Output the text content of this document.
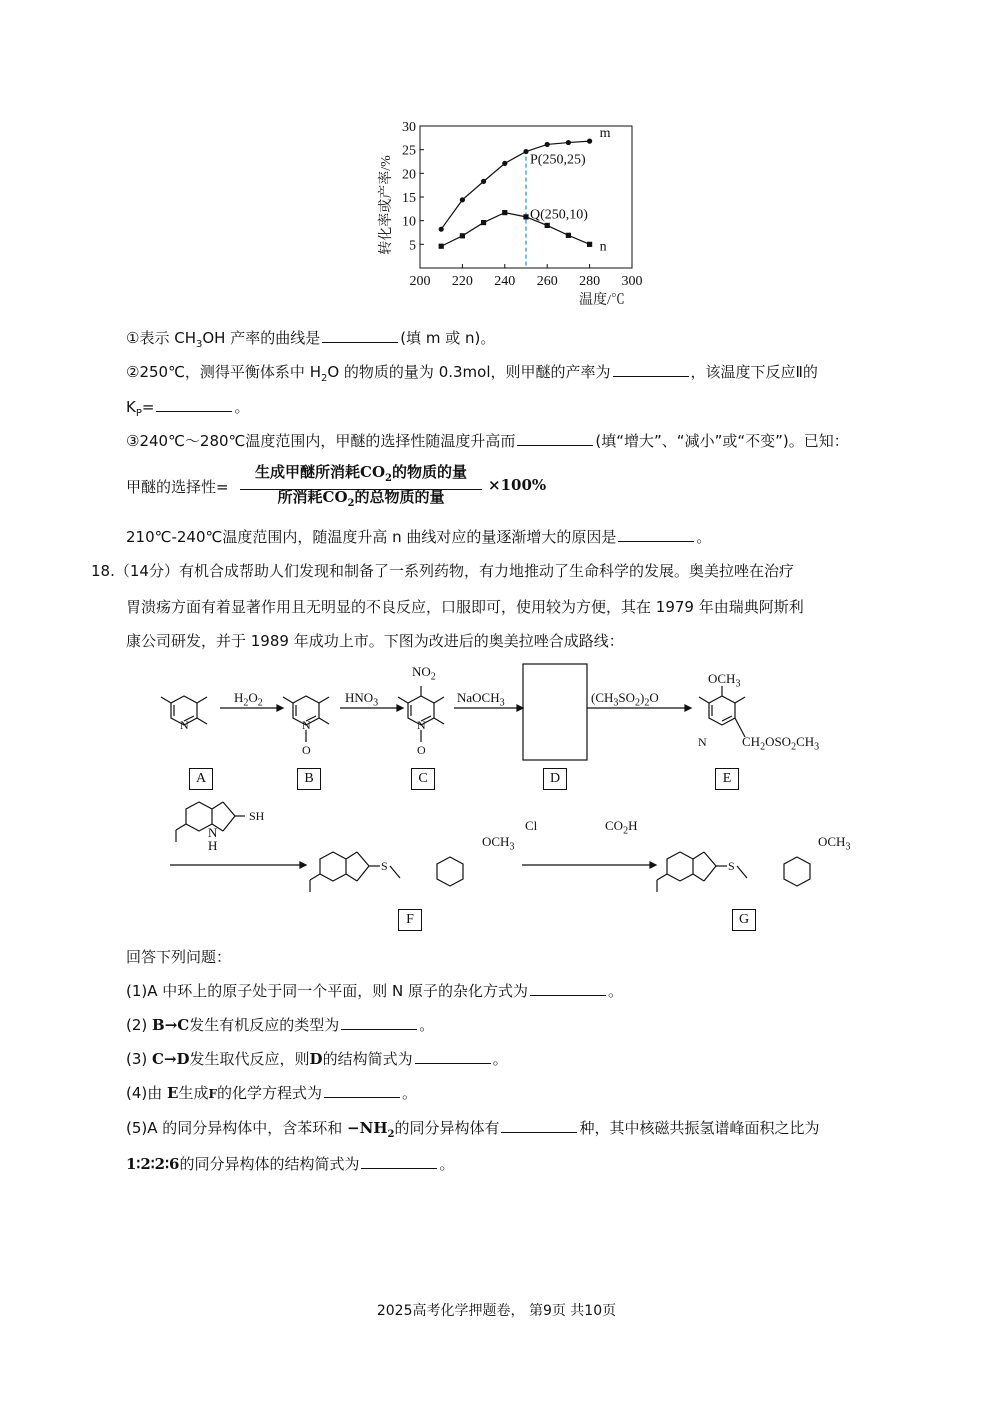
200 220 240 260 280 300
5
10
15
20
25
30
温度/℃
转化率或产率/%
m
n
P(250,25)
Q(250,10)
①表示 $CH_3OH$ 产率的曲线是	(填 m 或 n)。
②250℃，测得平衡体系中 $H_2O$ 的物质的量为 0.3mol，则甲醚的产率为	，该温度下反应Ⅱ的
$K_P=$	。
③240℃～280℃温度范围内，甲醚的选择性随温度升高而	(填“增大”、“减小”或“不变”)。已知：
甲醚的选择性=
生成甲醚所消耗$CO_2$的物质的量
所消耗$CO_2$的总物质的量
×100%
210℃-240℃温度范围内，随温度升高 n 曲线对应的量逐渐增大的原因是	。
18.（14分）有机合成帮助人们发现和制备了一系列药物，有力地推动了生命科学的发展。奥美拉唑在治疗
胃溃疡方面有着显著作用且无明显的不良反应，口服即可，使用较为方便，其在 1979 年由瑞典阿斯利
康公司研发，并于 1989 年成功上市。下图为改进后的奥美拉唑合成路线：
N	N
O
N
O
N
SH
S	S
$H_2O_2$	$HNO_3$	NaOCH$_3$	$(CH_3SO_2)_2O$
$NO_2$	$OCH_3$
$CH_2OSO_2CH_3$
N
H	$OCH_3$
Cl	$CO_2H$
$OCH_3$
A	B	C	D	E
F	G
回答下列问题：
(1)A 中环上的原子处于同一个平面，则 N 原子的杂化方式为	。
(2) B→C发生有机反应的类型为	。
(3) C→D发生取代反应，则D的结构简式为	。
(4)由 E生成F的化学方程式为	。
(5)A 的同分异构体中，含苯环和 $-NH_2$的同分异构体有	种，其中核磁共振氢谱峰面积之比为
1∶2∶2∶6的同分异构体的结构简式为	。
2025高考化学押题卷， 第9页 共10页
